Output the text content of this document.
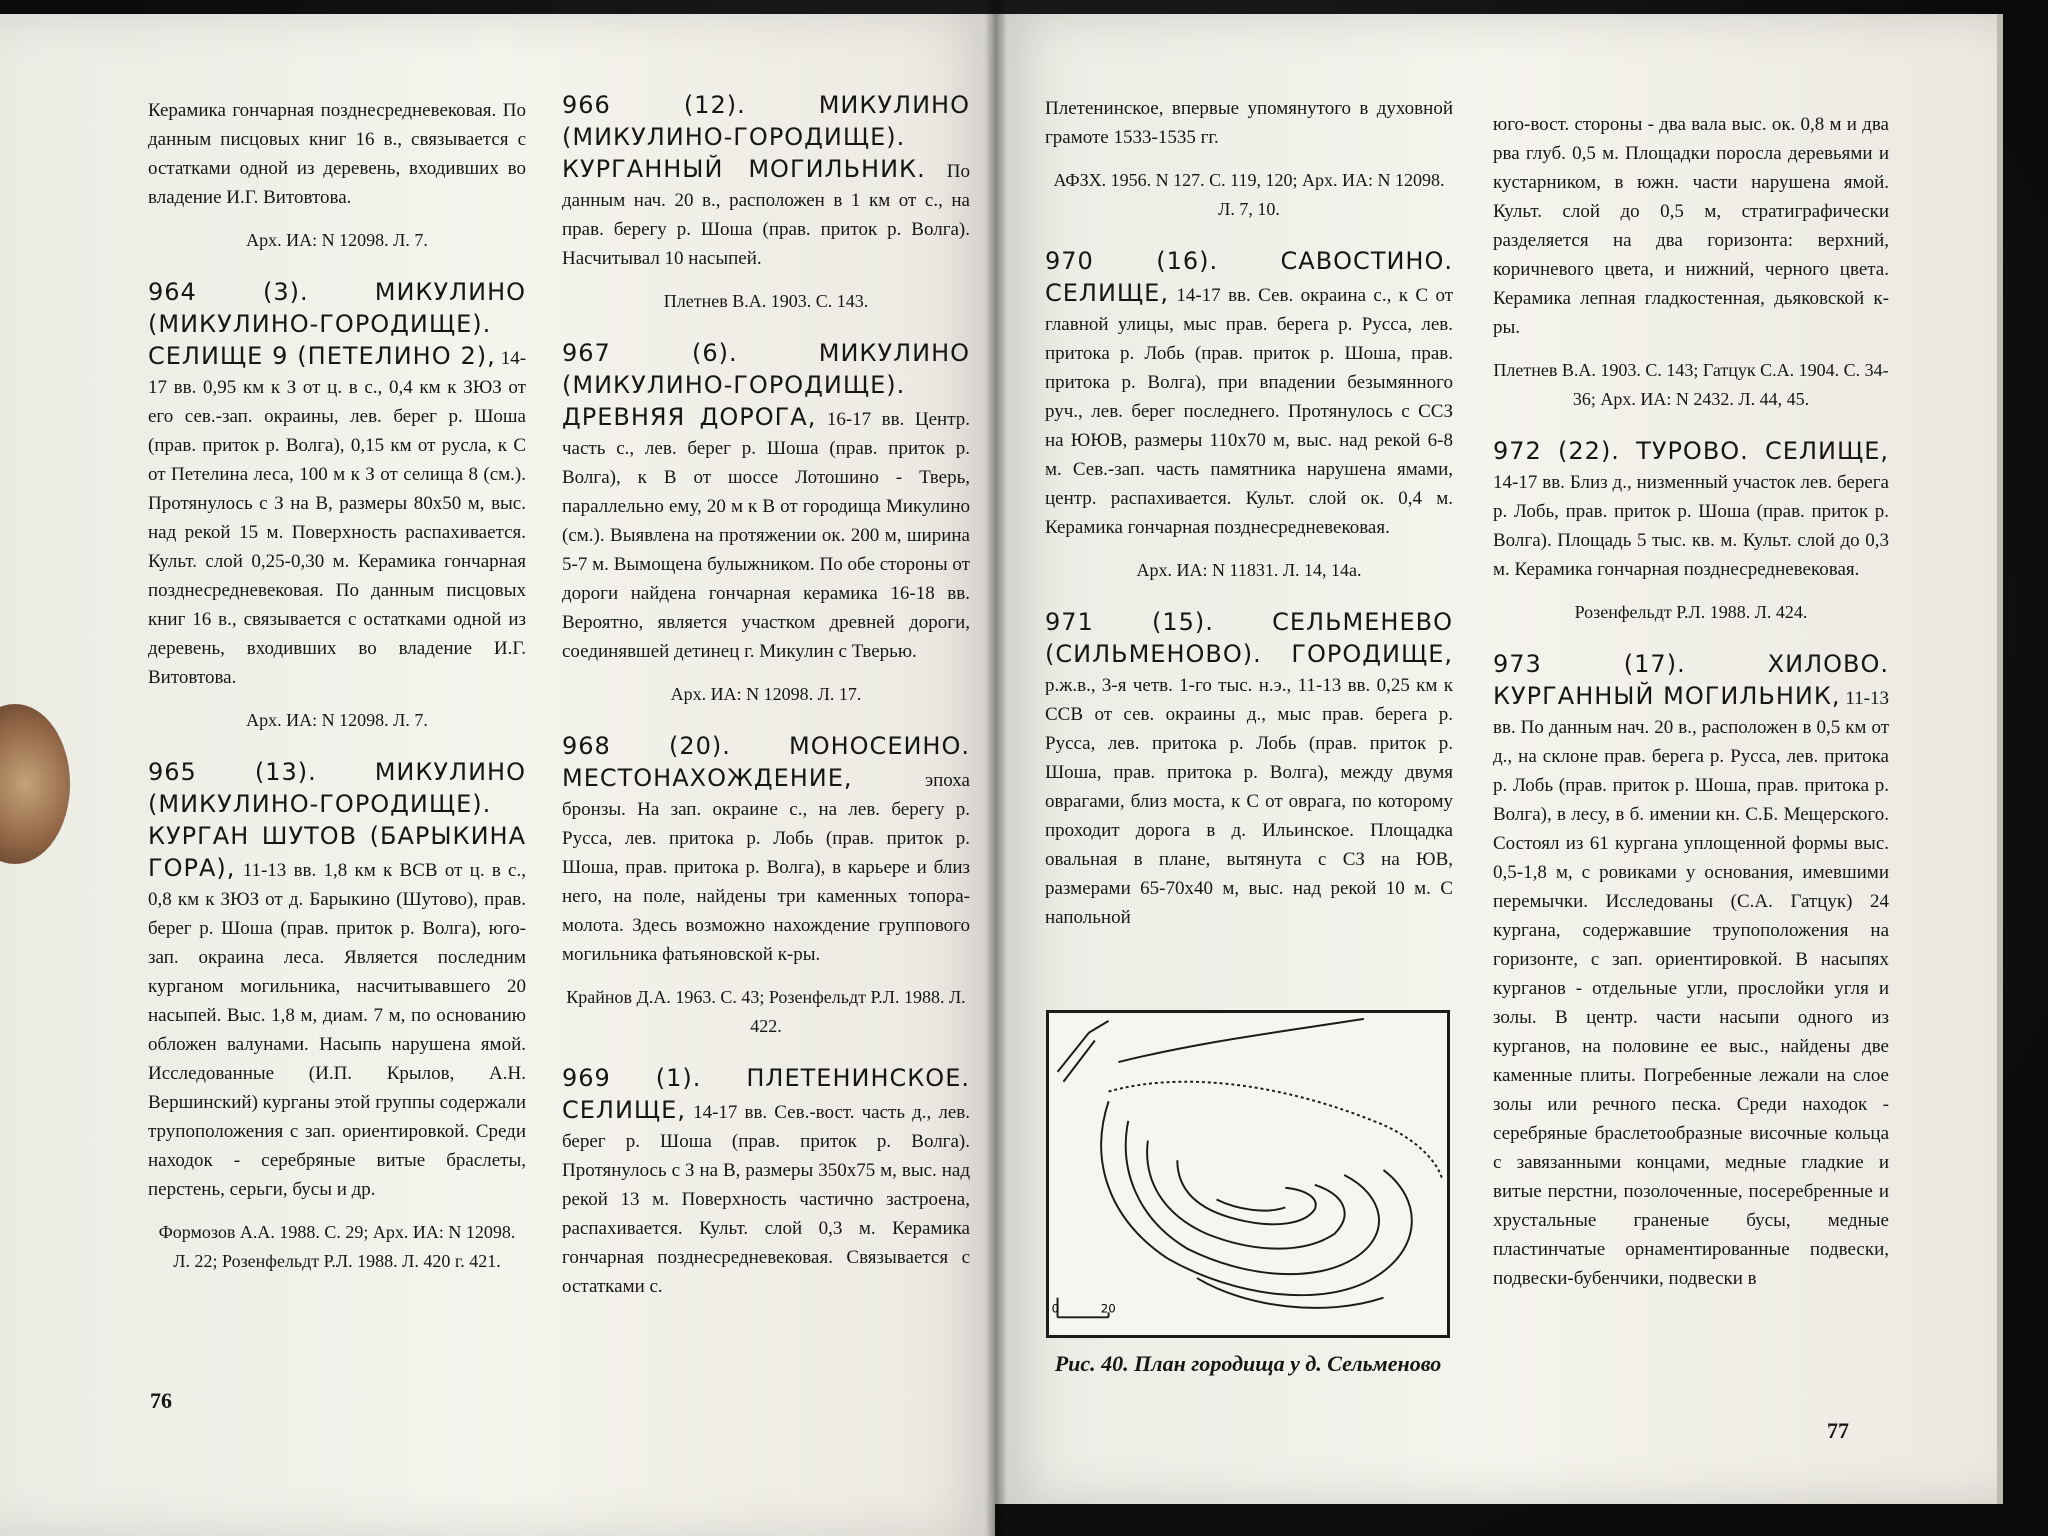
Керамика гончарная позднесредневековая. По данным писцовых книг 16 в., связывается с остатками одной из деревень, входивших во владение И.Г. Витовтова.

Арх. ИА: N 12098. Л. 7.

964 (3). МИКУЛИНО (МИКУЛИНО-ГОРОДИЩЕ). СЕЛИЩЕ 9 (ПЕТЕЛИНО 2), 14-17 вв. 0,95 км к З от ц. в с., 0,4 км к ЗЮЗ от его сев.-зап. окраины, лев. берег р. Шоша (прав. приток р. Волга), 0,15 км от русла, к С от Петелина леса, 100 м к З от селища 8 (см.). Протянулось с З на В, размеры 80х50 м, выс. над рекой 15 м. Поверхность распахивается. Культ. слой 0,25-0,30 м. Керамика гончарная позднесредневековая. По данным писцовых книг 16 в., связывается с остатками одной из деревень, входивших во владение И.Г. Витовтова.

Арх. ИА: N 12098. Л. 7.

965 (13). МИКУЛИНО (МИКУЛИНО-ГОРОДИЩЕ). КУРГАН ШУТОВ (БАРЫКИНА ГОРА), 11-13 вв. 1,8 км к ВСВ от ц. в с., 0,8 км к ЗЮЗ от д. Барыкино (Шутово), прав. берег р. Шоша (прав. приток р. Волга), юго-зап. окраина леса. Является последним курганом могильника, насчитывавшего 20 насыпей. Выс. 1,8 м, диам. 7 м, по основанию обложен валунами. Насыпь нарушена ямой. Исследованные (И.П. Крылов, А.Н. Вершинский) курганы этой группы содержали трупоположения с зап. ориентировкой. Среди находок - серебряные витые браслеты, перстень, серьги, бусы и др.

Формозов А.А. 1988. С. 29; Арх. ИА: N 12098. Л. 22; Розенфельдт Р.Л. 1988. Л. 420 г. 421.

966 (12). МИКУЛИНО (МИКУЛИНО-ГОРОДИЩЕ). КУРГАННЫЙ МОГИЛЬНИК. По данным нач. 20 в., расположен в 1 км от с., на прав. берегу р. Шоша (прав. приток р. Волга). Насчитывал 10 насыпей.

Плетнев В.А. 1903. С. 143.

967 (6). МИКУЛИНО (МИКУЛИНО-ГОРОДИЩЕ). ДРЕВНЯЯ ДОРОГА, 16-17 вв. Центр. часть с., лев. берег р. Шоша (прав. приток р. Волга), к В от шоссе Лотошино - Тверь, параллельно ему, 20 м к В от городища Микулино (см.). Выявлена на протяжении ок. 200 м, ширина 5-7 м. Вымощена булыжником. По обе стороны от дороги найдена гончарная керамика 16-18 вв. Вероятно, является участком древней дороги, соединявшей детинец г. Микулин с Тверью.

Арх. ИА: N 12098. Л. 17.

968 (20). МОНОСЕИНО. МЕСТОНАХОЖДЕНИЕ,	эпоха бронзы. На зап. окраине с., на лев. берегу р. Русса, лев. притока р. Лобь (прав. приток р. Шоша, прав. притока р. Волга), в карьере и близ него, на поле, найдены три каменных топора-молота. Здесь возможно нахождение группового могильника фатьяновской к-ры.

Крайнов Д.А. 1963. С. 43; Розенфельдт Р.Л. 1988. Л. 422.

969 (1). ПЛЕТЕНИНСКОЕ. СЕЛИЩЕ, 14-17 вв. Сев.-вост. часть д., лев. берег р. Шоша (прав. приток р. Волга). Протянулось с З на В, размеры 350х75 м, выс. над рекой 13 м. Поверхность частично застроена, распахивается. Культ. слой 0,3 м. Керамика гончарная позднесредневековая. Связывается с остатками с.

76

Плетенинское, впервые упомянутого в духовной грамоте 1533-1535 гг.

АФЗХ. 1956. N 127. С. 119, 120; Арх. ИА: N 12098. Л. 7, 10.

970 (16). САВОСТИНО. СЕЛИЩЕ, 14-17 вв. Сев. окраина с., к С от главной улицы, мыс прав. берега р. Русса, лев. притока р. Лобь (прав. приток р. Шоша, прав. притока р. Волга), при впадении безымянного руч., лев. берег последнего. Протянулось с ССЗ на ЮЮВ, размеры 110х70 м, выс. над рекой 6-8 м. Сев.-зап. часть памятника нарушена ямами, центр. распахивается. Культ. слой ок. 0,4 м. Керамика гончарная позднесредневековая.

Арх. ИА: N 11831. Л. 14, 14а.

971 (15). СЕЛЬМЕНЕВО (СИЛЬМЕНОВО). ГОРОДИЩЕ, р.ж.в., 3-я четв. 1-го тыс. н.э., 11-13 вв. 0,25 км к ССВ от сев. окраины д., мыс прав. берега р. Русса, лев. притока р. Лобь (прав. приток р. Шоша, прав. притока р. Волга), между двумя оврагами, близ моста, к С от оврага, по которому проходит дорога в д. Ильинское. Площадка овальная в плане, вытянута с СЗ на ЮВ, размерами 65-70х40 м, выс. над рекой 10 м. С напольной

юго-вост. стороны - два вала выс. ок. 0,8 м и два рва глуб. 0,5 м. Площадки поросла деревьями и кустарником, в южн. части нарушена ямой. Культ. слой до 0,5 м, стратиграфически разделяется на два горизонта: верхний, коричневого цвета, и нижний, черного цвета. Керамика лепная гладкостенная, дьяковской к-ры.

Плетнев В.А. 1903. С. 143; Гатцук С.А. 1904. С. 34-36; Арх. ИА: N 2432. Л. 44, 45.

972 (22). ТУРОВО. СЕЛИЩЕ, 14-17 вв. Близ д., низменный участок лев. берега р. Лобь, прав. приток р. Шоша (прав. приток р. Волга). Площадь 5 тыс. кв. м. Культ. слой до 0,3 м. Керамика гончарная позднесредневековая.

Розенфельдт Р.Л. 1988. Л. 424.

973 (17). ХИЛОВО. КУРГАННЫЙ МОГИЛЬНИК, 11-13 вв. По данным нач. 20 в., расположен в 0,5 км от д., на склоне прав. берега р. Русса, лев. притока р. Лобь (прав. приток р. Шоша, прав. притока р. Волга), в лесу, в б. имении кн. С.Б. Мещерского. Состоял из 61 кургана уплощенной формы выс. 0,5-1,8 м, с ровиками у основания, имевшими перемычки. Исследованы (С.А. Гатцук) 24 кургана, содержавшие трупоположения на горизонте, с зап. ориентировкой. В насыпях курганов - отдельные угли, прослойки угля и золы. В центр. части насыпи одного из курганов, на половине ее выс., найдены две каменные плиты. Погребенные лежали на слое золы или речного песка. Среди находок - серебряные браслетообразные височные кольца с завязанными концами, медные гладкие и витые перстни, позолоченные, посеребренные и хрустальные граненые бусы, медные пластинчатые орнаментированные подвески, подвески-бубенчики, подвески в

77
0	20
Рис. 40. План городища у д. Сельменово
